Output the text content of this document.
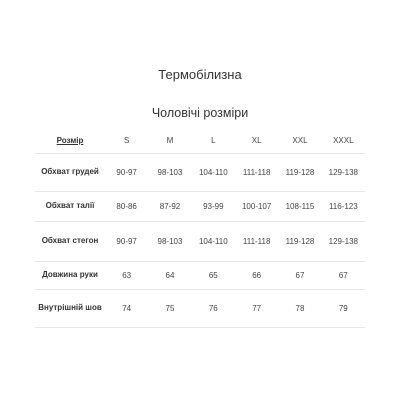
Термобілизна
Чоловічі розміри
Розмір	S	M	L	XL	XXL	XXXL
Обхват грудей	90-97	98-103	104-110	111-118	119-128	129-138
Обхват талії	80-86	87-92	93-99	100-107	108-115	116-123
Обхват стегон	90-97	98-103	104-110	111-118	119-128	129-138
Довжина руки	63	64	65	66	67	67
Внутрішній шов	74	75	76	77	78	79
